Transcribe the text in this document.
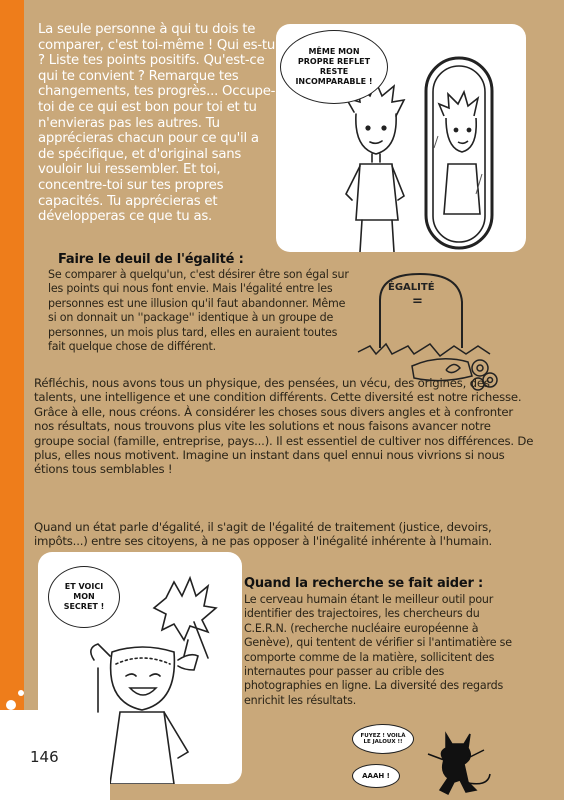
La seule personne à qui tu dois te comparer, c'est toi-même ! Qui es-tu ? Liste tes points positifs. Qu'est-ce qui te convient ? Remarque tes changements, tes progrès... Occupe-toi de ce qui est bon pour toi et tu n'envieras pas les autres. Tu apprécieras chacun pour ce qu'il a de spécifique, et d'original sans vouloir lui ressembler. Et toi, concentre-toi sur tes propres capacités. Tu apprécieras et développeras ce que tu as.
MÊME MON PROPRE REFLET RESTE INCOMPARABLE !
Faire le deuil de l'égalité :

Se comparer à quelqu'un, c'est désirer être son égal sur les points qui nous font envie. Mais l'égalité entre les personnes est une illusion qu'il faut abandonner. Même si on donnait un ''package'' identique à un groupe de personnes, un mois plus tard, elles en auraient toutes fait quelque chose de différent.

ÉGALITÉ
=

Réfléchis, nous avons tous un physique, des pensées, un vécu, des origines, des talents, une intelligence et une condition différents. Cette diversité est notre richesse. Grâce à elle, nous créons. À considérer les choses sous divers angles et à confronter nos résultats, nous trouvons plus vite les solutions et nous faisons avancer notre groupe social (famille, entreprise, pays...). Il est essentiel de cultiver nos différences. De plus, elles nous motivent. Imagine un instant dans quel ennui nous vivrions si nous étions tous semblables !

Quand un état parle d'égalité, il s'agit de l'égalité de traitement (justice, devoirs, impôts...) entre ses citoyens, à ne pas opposer à l'inégalité inhérente à l'humain.

ET VOICI MON SECRET !
Quand la recherche se fait aider :

Le cerveau humain étant le meilleur outil pour identifier des trajectoires, les chercheurs du C.E.R.N. (recherche nucléaire européenne à Genève), qui tentent de vérifier si l'antimatière se comporte comme de la matière, sollicitent des internautes pour passer au crible des photographies en ligne. La diversité des regards enrichit les résultats.

FUYEZ ! VOILÀ LE JALOUX !!
AAAH !
146
